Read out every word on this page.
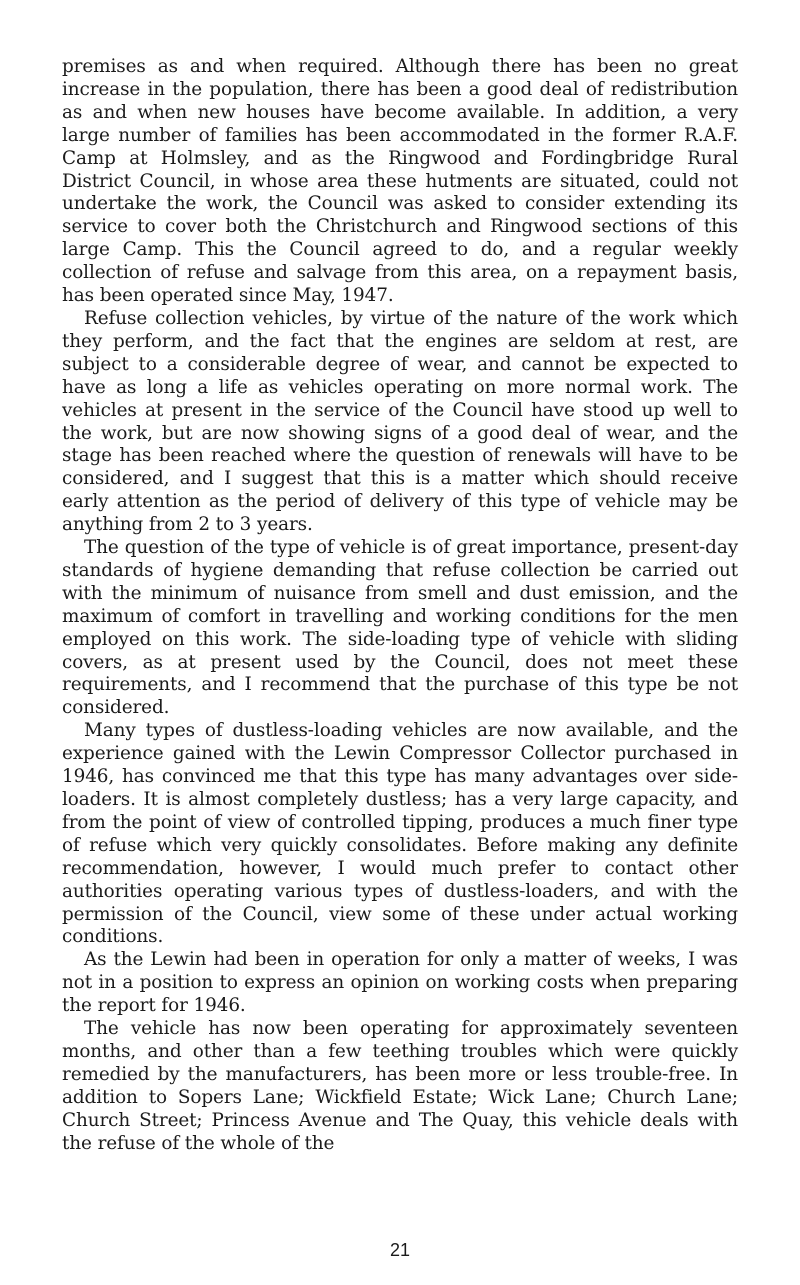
premises as and when required. Although there has been no great increase in the population, there has been a good deal of redistribution as and when new houses have become available. In addition, a very large number of families has been accommodated in the former R.A.F. Camp at Holmsley, and as the Ringwood and Fordingbridge Rural District Council, in whose area these hutments are situated, could not undertake the work, the Council was asked to consider extending its service to cover both the Christchurch and Ringwood sections of this large Camp. This the Council agreed to do, and a regular weekly collection of refuse and salvage from this area, on a repayment basis, has been operated since May, 1947.

Refuse collection vehicles, by virtue of the nature of the work which they perform, and the fact that the engines are seldom at rest, are subject to a considerable degree of wear, and cannot be expected to have as long a life as vehicles operating on more normal work. The vehicles at present in the service of the Council have stood up well to the work, but are now showing signs of a good deal of wear, and the stage has been reached where the question of renewals will have to be considered, and I suggest that this is a matter which should receive early attention as the period of delivery of this type of vehicle may be anything from 2 to 3 years.

The question of the type of vehicle is of great importance, present-day standards of hygiene demanding that refuse collection be carried out with the minimum of nuisance from smell and dust emission, and the maximum of comfort in travelling and working conditions for the men employed on this work. The side-loading type of vehicle with sliding covers, as at present used by the Council, does not meet these requirements, and I recommend that the purchase of this type be not considered.

Many types of dustless-loading vehicles are now available, and the experience gained with the Lewin Compressor Collector purchased in 1946, has convinced me that this type has many advantages over side-loaders. It is almost completely dustless; has a very large capacity, and from the point of view of controlled tipping, produces a much finer type of refuse which very quickly consolidates. Before making any definite recommendation, however, I would much prefer to contact other authorities operating various types of dustless-loaders, and with the permission of the Council, view some of these under actual working conditions.

As the Lewin had been in operation for only a matter of weeks, I was not in a position to express an opinion on working costs when preparing the report for 1946.

The vehicle has now been operating for approximately seventeen months, and other than a few teething troubles which were quickly remedied by the manufacturers, has been more or less trouble-free. In addition to Sopers Lane; Wickfield Estate; Wick Lane; Church Lane; Church Street; Princess Avenue and The Quay, this vehicle deals with the refuse of the whole of the

21
